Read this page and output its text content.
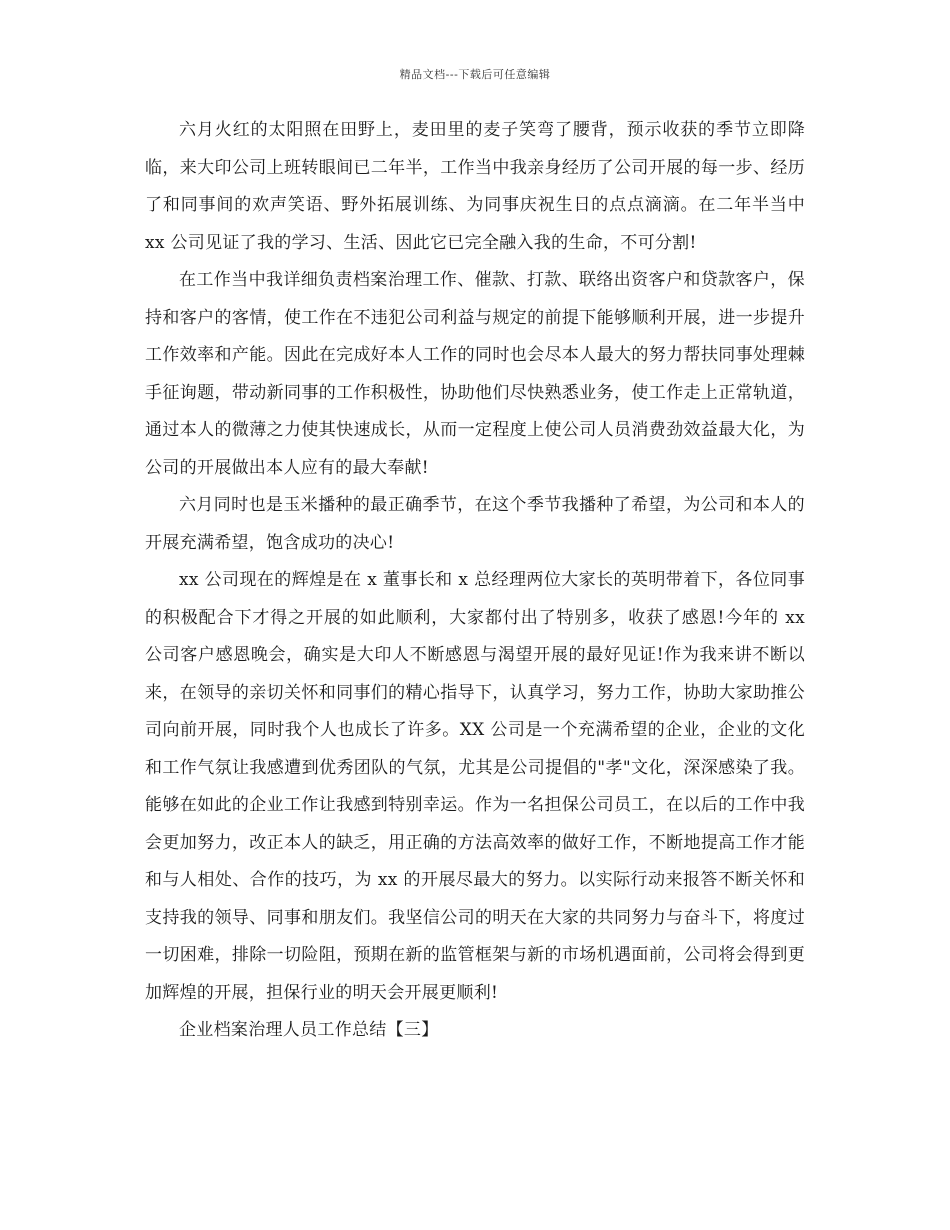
精品文档---下载后可任意编辑

六月火红的太阳照在田野上，麦田里的麦子笑弯了腰背，预示收获的季节立即降临，来大印公司上班转眼间已二年半，工作当中我亲身经历了公司开展的每一步、经历了和同事间的欢声笑语、野外拓展训练、为同事庆祝生日的点点滴滴。在二年半当中 xx 公司见证了我的学习、生活、因此它已完全融入我的生命，不可分割!

在工作当中我详细负责档案治理工作、催款、打款、联络出资客户和贷款客户，保持和客户的客情，使工作在不违犯公司利益与规定的前提下能够顺利开展，进一步提升工作效率和产能。因此在完成好本人工作的同时也会尽本人最大的努力帮扶同事处理棘手征询题，带动新同事的工作积极性，协助他们尽快熟悉业务，使工作走上正常轨道，通过本人的微薄之力使其快速成长，从而一定程度上使公司人员消费劲效益最大化，为公司的开展做出本人应有的最大奉献!

六月同时也是玉米播种的最正确季节，在这个季节我播种了希望，为公司和本人的开展充满希望，饱含成功的决心!

xx 公司现在的辉煌是在 x 董事长和 x 总经理两位大家长的英明带着下，各位同事的积极配合下才得之开展的如此顺利，大家都付出了特别多，收获了感恩!今年的 xx 公司客户感恩晚会，确实是大印人不断感恩与渴望开展的最好见证!作为我来讲不断以来，在领导的亲切关怀和同事们的精心指导下，认真学习，努力工作，协助大家助推公司向前开展，同时我个人也成长了许多。XX 公司是一个充满希望的企业，企业的文化和工作气氛让我感遭到优秀团队的气氛，尤其是公司提倡的"孝"文化，深深感染了我。能够在如此的企业工作让我感到特别幸运。作为一名担保公司员工，在以后的工作中我会更加努力，改正本人的缺乏，用正确的方法高效率的做好工作，不断地提高工作才能和与人相处、合作的技巧，为 xx 的开展尽最大的努力。以实际行动来报答不断关怀和支持我的领导、同事和朋友们。我坚信公司的明天在大家的共同努力与奋斗下，将度过一切困难，排除一切险阻，预期在新的监管框架与新的市场机遇面前，公司将会得到更加辉煌的开展，担保行业的明天会开展更顺利!

企业档案治理人员工作总结【三】
